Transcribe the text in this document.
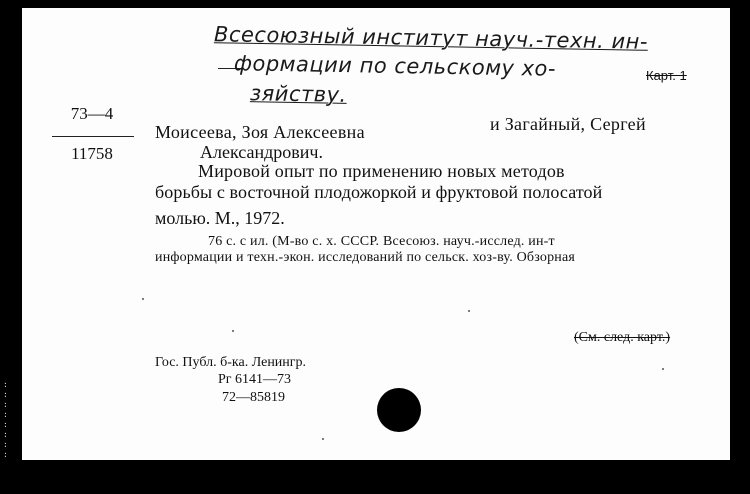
:
:
:
:
:
:
:
:
Всесоюзный институт науч.-техн. ин-
формации по сельскому хо-	Карт. 1
зяйству.
73—4
11758
Моисеева, Зоя Алексеевна	и Загайный, Сергей
Александрович.
Мировой опыт по применению новых методов
борьбы с восточной плодожоркой и фруктовой полосатой
молью. М., 1972.
76 с. с ил. (М-во с. х. СССР. Всесоюз. науч.-исслед. ин-т
информации и техн.-экон. исследований по сельск. хоз-ву. Обзорная
(См. след. карт.)
Гос. Публ. б-ка. Ленингр.
Рг 6141—73
72—85819
